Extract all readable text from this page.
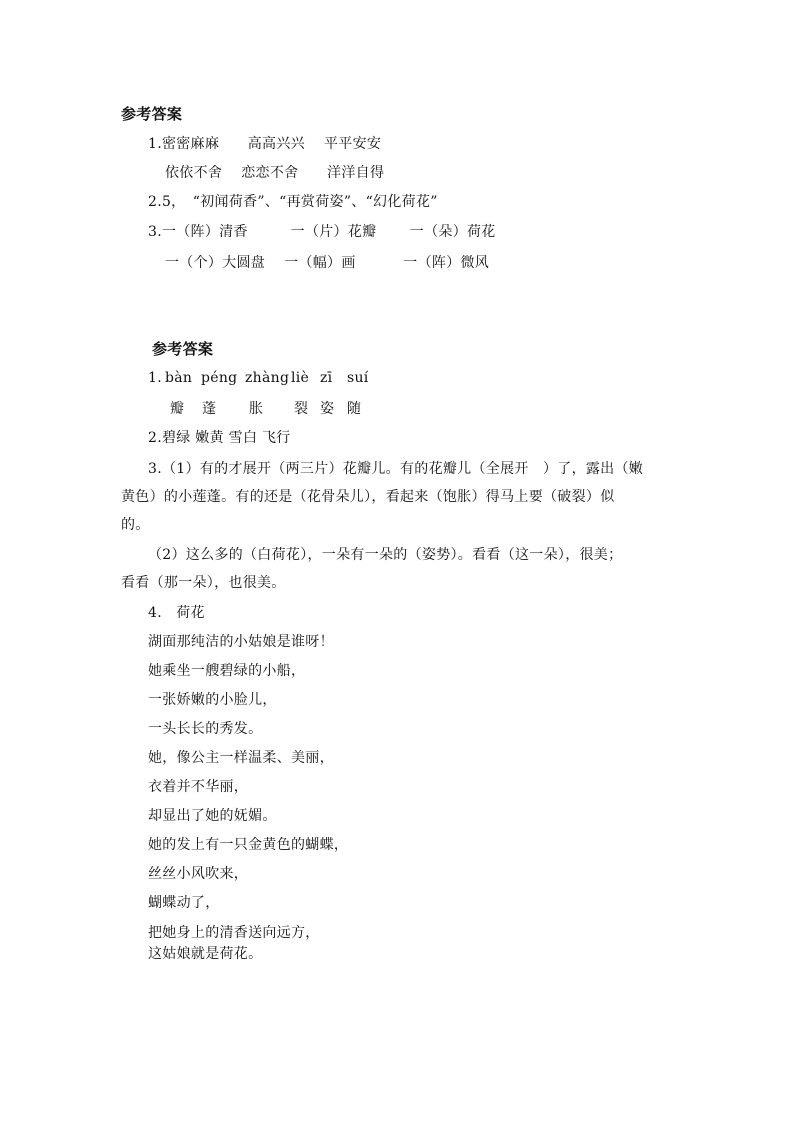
参考答案
1.密密麻麻　　高高兴兴　 平平安安
依依不舍　 恋恋不舍　　洋洋自得
2.5，　“初闻荷香”、“再赏荷姿”、“幻化荷花”
3.一（阵）清香　　　一（片）花瓣　　 一（朵）荷花
一（个）大圆盘　 一（幅）画　　　 一（阵）微风
参考答案

1.

bàn

péng

zhàng

liè

zī

suí

瓣

蓬

胀

裂

姿

随

2.碧绿 嫩黄 雪白 飞行
3.（1）有的才展开（两三片）花瓣儿。有的花瓣儿（全展开　）了，露出（嫩
黄色）的小莲蓬。有的还是（花骨朵儿），看起来（饱胀）得马上要（破裂）似
的。
（2）这么多的（白荷花），一朵有一朵的（姿势）。看看（这一朵），很美；
看看（那一朵），也很美。
4.　荷花
湖面那纯洁的小姑娘是谁呀！
她乘坐一艘碧绿的小船，
一张娇嫩的小脸儿，
一头长长的秀发。
她，像公主一样温柔、美丽，
衣着并不华丽，
却显出了她的妩媚。
她的发上有一只金黄色的蝴蝶，
丝丝小风吹来，
蝴蝶动了，
把她身上的清香送向远方，
这姑娘就是荷花。
